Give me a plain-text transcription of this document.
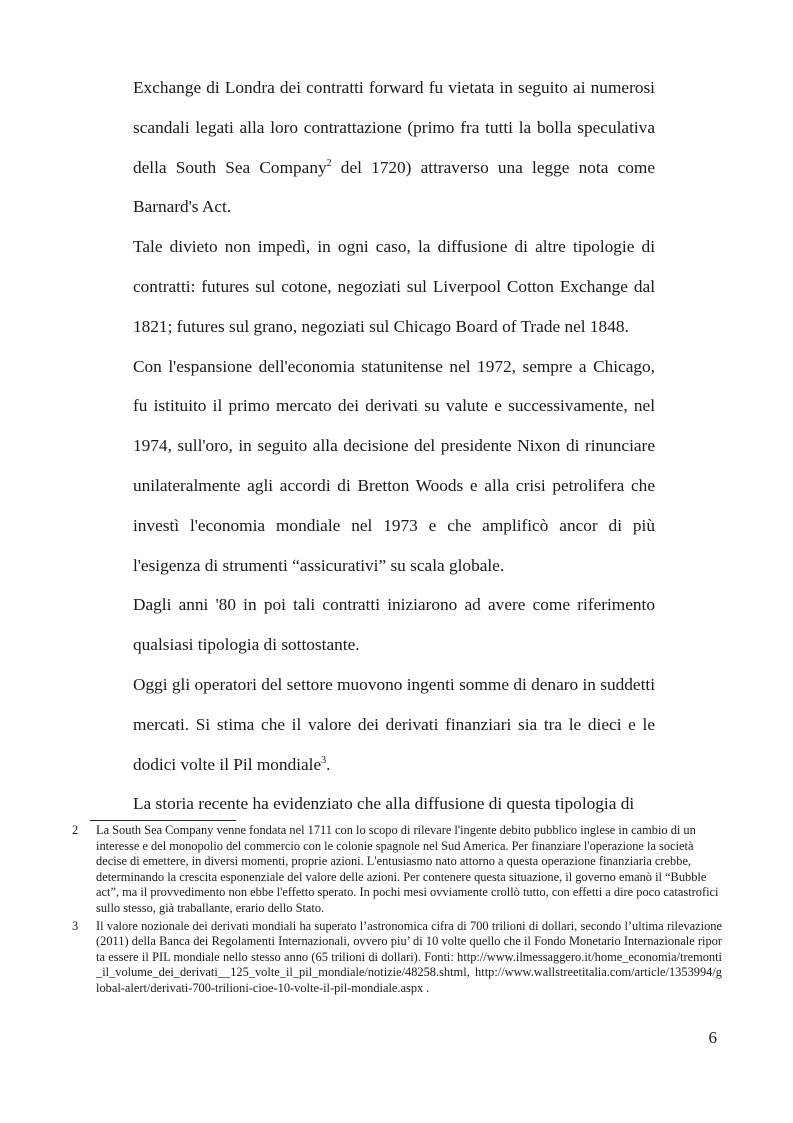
Exchange di Londra dei contratti forward fu vietata in seguito ai numerosi scandali legati alla loro contrattazione (primo fra tutti la bolla speculativa della South Sea Company$^2$ del 1720) attraverso una legge nota come Barnard's Act.

Tale divieto non impedì, in ogni caso, la diffusione di altre tipologie di contratti: futures sul cotone, negoziati sul Liverpool Cotton Exchange dal 1821; futures sul grano, negoziati sul Chicago Board of Trade nel 1848.

Con l'espansione dell'economia statunitense nel 1972, sempre a Chicago, fu istituito il primo mercato dei derivati su valute e successivamente, nel 1974, sull'oro, in seguito alla decisione del presidente Nixon di rinunciare unilateralmente agli accordi di Bretton Woods e alla crisi petrolifera che investì l'economia mondiale nel 1973 e che amplificò ancor di più l'esigenza di strumenti “assicurativi” su scala globale.

Dagli anni '80 in poi tali contratti iniziarono ad avere come riferimento qualsiasi tipologia di sottostante.

Oggi gli operatori del settore muovono ingenti somme di denaro in suddetti mercati. Si stima che il valore dei derivati finanziari sia tra le dieci e le dodici volte il Pil mondiale$^3$.

La storia recente ha evidenziato che alla diffusione di questa tipologia di

2 La South Sea Company venne fondata nel 1711 con lo scopo di rilevare l'ingente debito pubblico inglese in cambio di un interesse e del monopolio del commercio con le colonie spagnole nel Sud America. Per finanziare l'operazione la società decise di emettere, in diversi momenti, proprie azioni. L'entusiasmo nato attorno a questa operazione finanziaria crebbe, determinando la crescita esponenziale del valore delle azioni. Per contenere questa situazione, il governo emanò il “Bubble act”, ma il provvedimento non ebbe l'effetto sperato. In pochi mesi ovviamente crollò tutto, con effetti a dire poco catastrofici sullo stesso, già traballante, erario dello Stato.
3 Il valore nozionale dei derivati mondiali ha superato l’astronomica cifra di 700 trilioni di dollari, secondo l’ultima rilevazione (2011) della Banca dei Regolamenti Internazionali, ovvero piu’ di 10 volte quello che il Fondo Monetario Internazionale riporta essere il PIL mondiale nello stesso anno (65 trilioni di dollari). Fonti: http://www.ilmessaggero.it/home_economia/tremonti_il_volume_dei_derivati__125_volte_il_pil_mondiale/notizie/48258.shtml, http://www.wallstreetitalia.com/article/1353994/global-alert/derivati-700-trilioni-cioe-10-volte-il-pil-mondiale.aspx .
6
